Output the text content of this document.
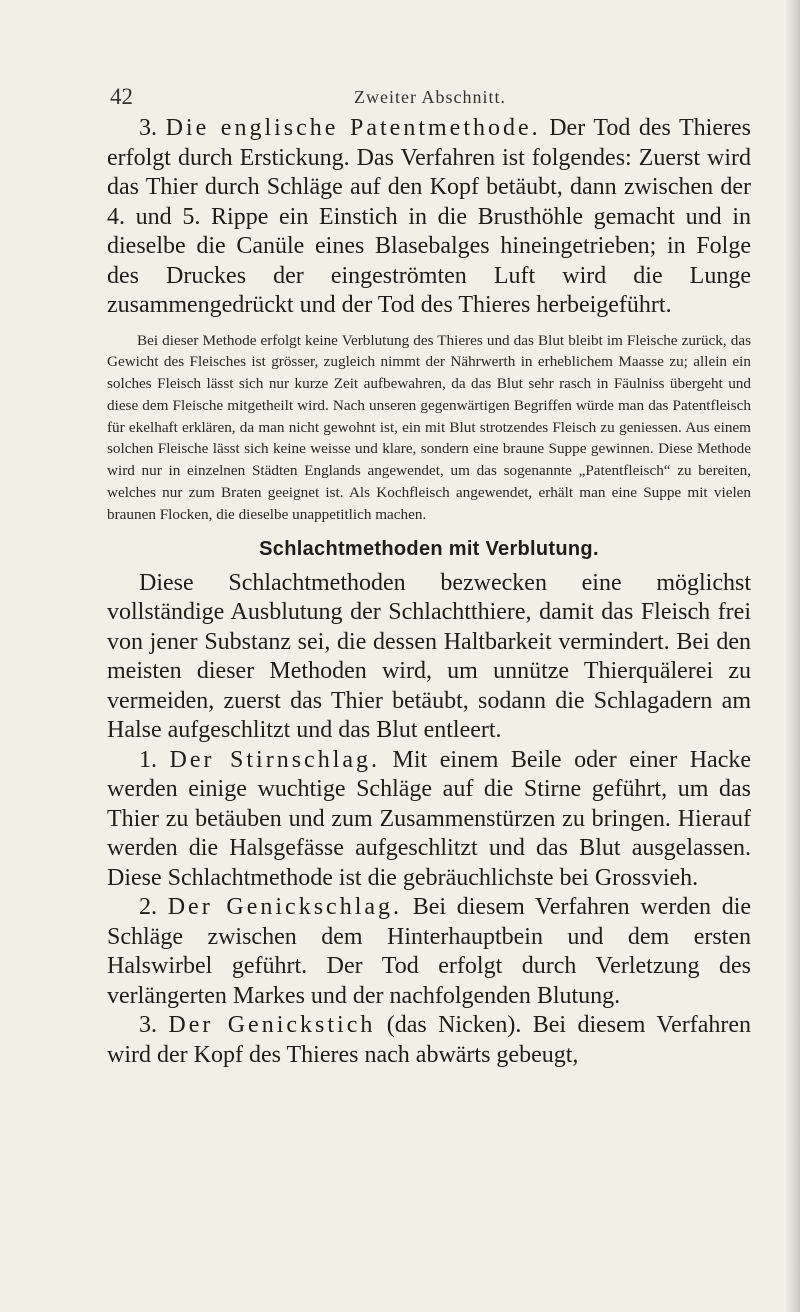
42	Zweiter Abschnitt.

3. Die englische Patentmethode. Der Tod des Thieres erfolgt durch Erstickung. Das Verfahren ist folgendes: Zuerst wird das Thier durch Schläge auf den Kopf betäubt, dann zwischen der 4. und 5. Rippe ein Einstich in die Brusthöhle gemacht und in dieselbe die Canüle eines Blasebalges hineingetrieben; in Folge des Druckes der eingeströmten Luft wird die Lunge zusammengedrückt und der Tod des Thieres herbeigeführt.

Bei dieser Methode erfolgt keine Verblutung des Thieres und das Blut bleibt im Fleische zurück, das Gewicht des Fleisches ist grösser, zugleich nimmt der Nährwerth in erheblichem Maasse zu; allein ein solches Fleisch lässt sich nur kurze Zeit aufbewahren, da das Blut sehr rasch in Fäulniss übergeht und diese dem Fleische mitgetheilt wird. Nach unseren gegenwärtigen Begriffen würde man das Patentfleisch für ekelhaft erklären, da man nicht gewohnt ist, ein mit Blut strotzendes Fleisch zu geniessen. Aus einem solchen Fleische lässt sich keine weisse und klare, sondern eine braune Suppe gewinnen. Diese Methode wird nur in einzelnen Städten Englands angewendet, um das sogenannte „Patentfleisch“ zu bereiten, welches nur zum Braten geeignet ist. Als Kochfleisch angewendet, erhält man eine Suppe mit vielen braunen Flocken, die dieselbe unappetitlich machen.

Schlachtmethoden mit Verblutung.

Diese Schlachtmethoden bezwecken eine möglichst vollständige Ausblutung der Schlachtthiere, damit das Fleisch frei von jener Substanz sei, die dessen Haltbarkeit vermindert. Bei den meisten dieser Methoden wird, um unnütze Thierquälerei zu vermeiden, zuerst das Thier betäubt, sodann die Schlagadern am Halse aufgeschlitzt und das Blut entleert.

1. Der Stirnschlag. Mit einem Beile oder einer Hacke werden einige wuchtige Schläge auf die Stirne geführt, um das Thier zu betäuben und zum Zusammenstürzen zu bringen. Hierauf werden die Halsgefässe aufgeschlitzt und das Blut ausgelassen. Diese Schlachtmethode ist die gebräuchlichste bei Grossvieh.

2. Der Genickschlag. Bei diesem Verfahren werden die Schläge zwischen dem Hinterhauptbein und dem ersten Halswirbel geführt. Der Tod erfolgt durch Verletzung des verlängerten Markes und der nachfolgenden Blutung.

3. Der Genickstich (das Nicken). Bei diesem Verfahren wird der Kopf des Thieres nach abwärts gebeugt,
